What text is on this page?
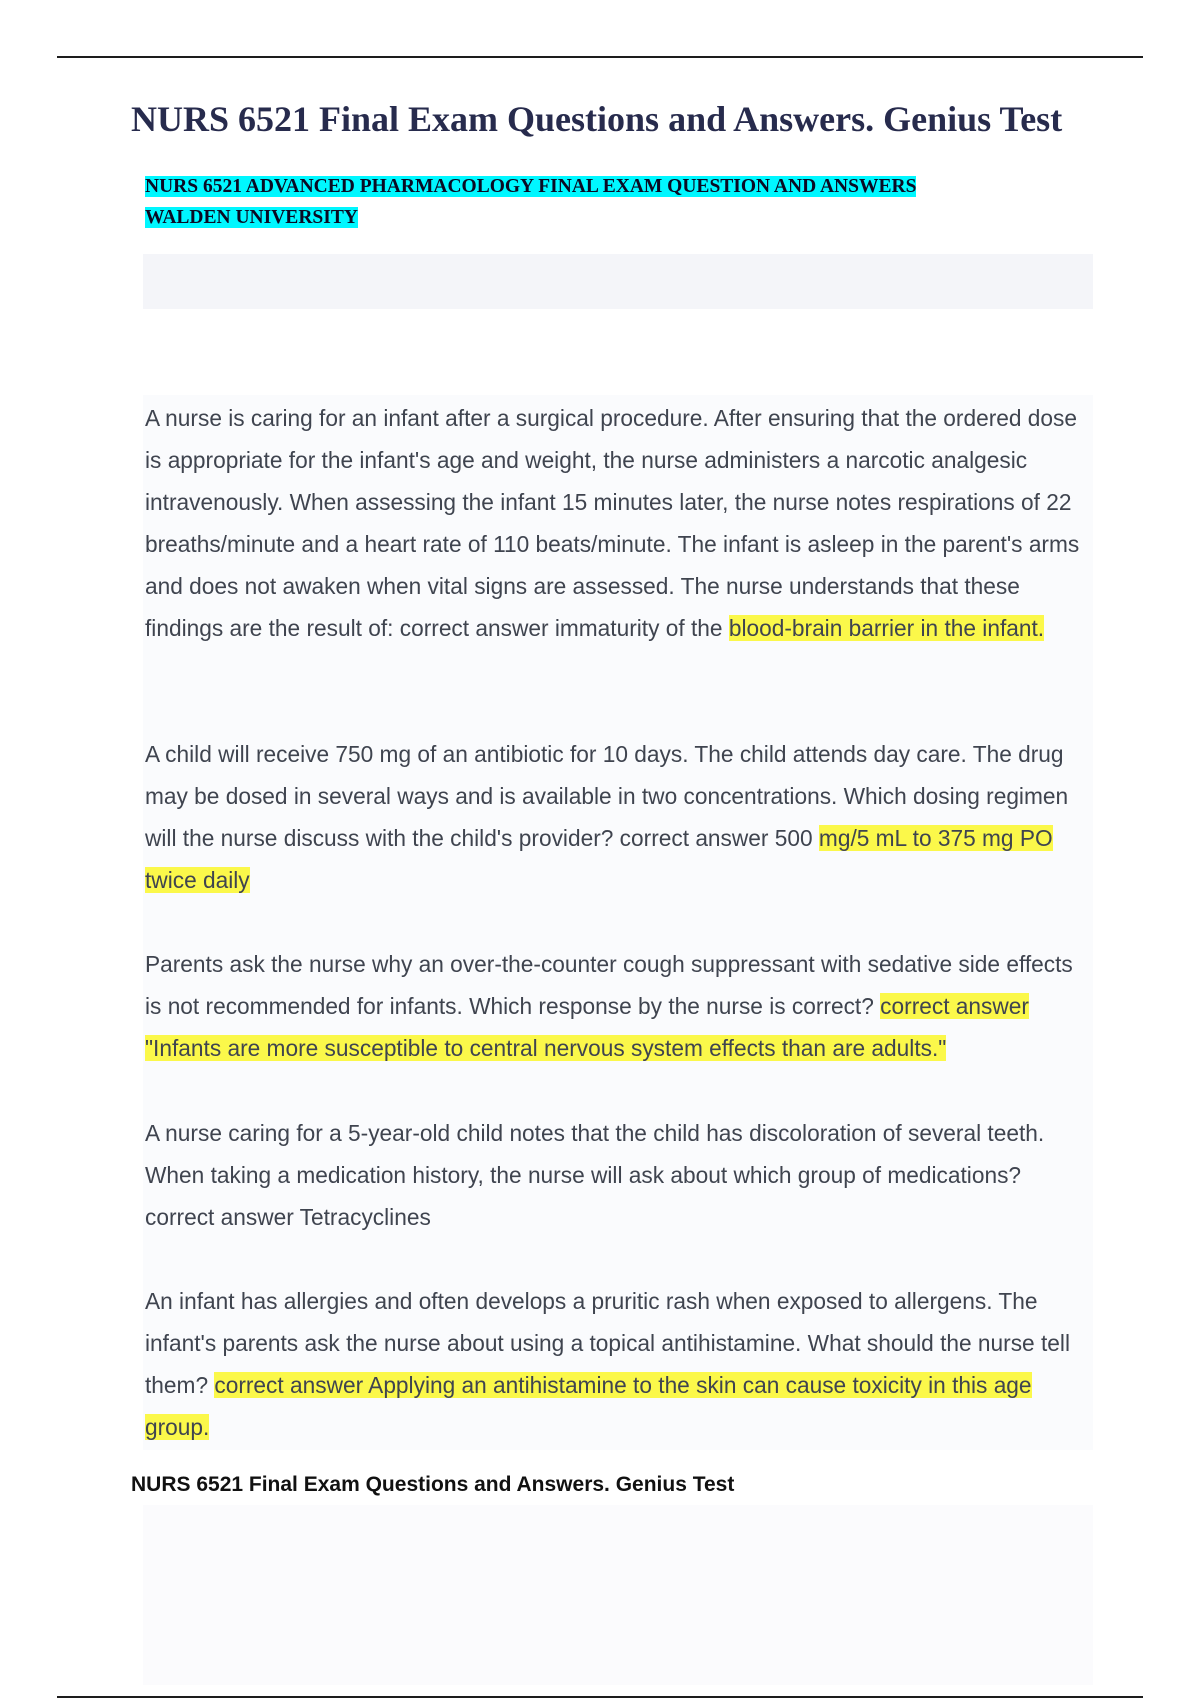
NURS 6521 Final Exam Questions and Answers. Genius Test

NURS 6521 ADVANCED PHARMACOLOGY FINAL EXAM QUESTION AND ANSWERS
WALDEN UNIVERSITY

A nurse is caring for an infant after a surgical procedure. After ensuring that the ordered dose is appropriate for the infant's age and weight, the nurse administers a narcotic analgesic intravenously. When assessing the infant 15 minutes later, the nurse notes respirations of 22 breaths/minute and a heart rate of 110 beats/minute. The infant is asleep in the parent's arms and does not awaken when vital signs are assessed. The nurse understands that these findings are the result of: correct answer immaturity of the blood-brain barrier in the infant.

A child will receive 750 mg of an antibiotic for 10 days. The child attends day care. The drug may be dosed in several ways and is available in two concentrations. Which dosing regimen will the nurse discuss with the child's provider? correct answer 500 mg/5 mL to 375 mg PO twice daily

Parents ask the nurse why an over-the-counter cough suppressant with sedative side effects is not recommended for infants. Which response by the nurse is correct? correct answer "Infants are more susceptible to central nervous system effects than are adults."

A nurse caring for a 5-year-old child notes that the child has discoloration of several teeth. When taking a medication history, the nurse will ask about which group of medications? correct answer Tetracyclines

An infant has allergies and often develops a pruritic rash when exposed to allergens. The infant's parents ask the nurse about using a topical antihistamine. What should the nurse tell them? correct answer Applying an antihistamine to the skin can cause toxicity in this age group.

NURS 6521 Final Exam Questions and Answers. Genius Test
